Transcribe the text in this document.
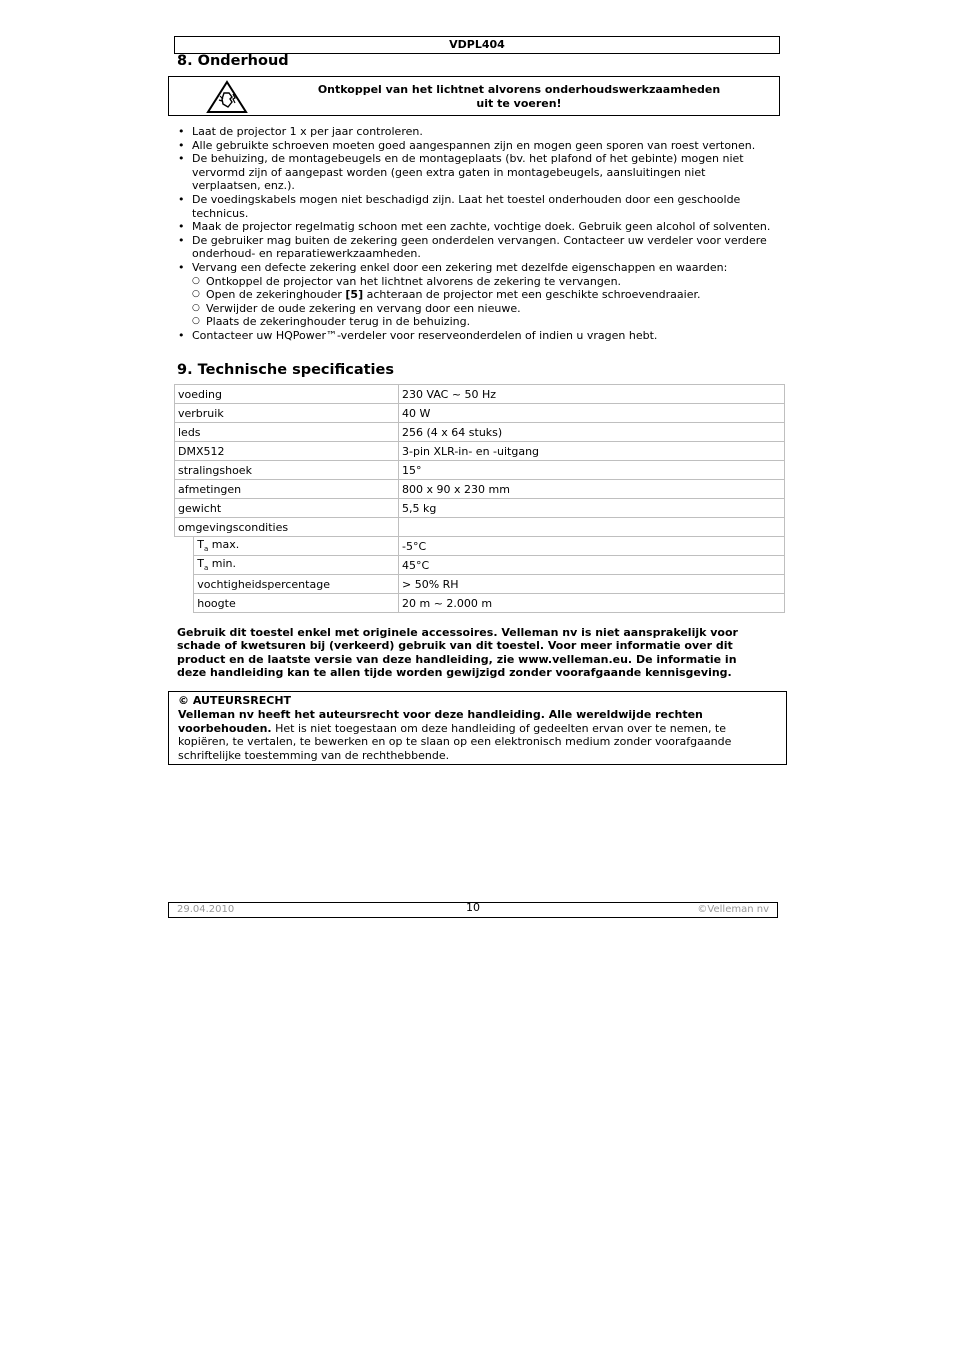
VDPL404
8. Onderhoud
Ontkoppel van het lichtnet alvorens onderhoudswerkzaamheden
uit te voeren!
• Laat de projector 1 x per jaar controleren.
• Alle gebruikte schroeven moeten goed aangespannen zijn en mogen geen sporen van roest vertonen.
• De behuizing, de montagebeugels en de montageplaats (bv. het plafond of het gebinte) mogen niet vervormd zijn of aangepast worden (geen extra gaten in montagebeugels, aansluitingen niet verplaatsen, enz.).
• De voedingskabels mogen niet beschadigd zijn. Laat het toestel onderhouden door een geschoolde technicus.
• Maak de projector regelmatig schoon met een zachte, vochtige doek. Gebruik geen alcohol of solventen.
• De gebruiker mag buiten de zekering geen onderdelen vervangen. Contacteer uw verdeler voor verdere onderhoud- en reparatiewerkzaamheden.
• Vervang een defecte zekering enkel door een zekering met dezelfde eigenschappen en waarden:
○ Ontkoppel de projector van het lichtnet alvorens de zekering te vervangen.
○ Open de zekeringhouder [5] achteraan de projector met een geschikte schroevendraaier.
○ Verwijder de oude zekering en vervang door een nieuwe.
○ Plaats de zekeringhouder terug in de behuizing.
• Contacteer uw HQPower™-verdeler voor reserveonderdelen of indien u vragen hebt.
9. Technische specificaties
voeding		230 VAC ~ 50 Hz
verbruik		40 W
leds		256 (4 x 64 stuks)
DMX512		3-pin XLR-in- en -uitgang
stralingshoek		15°
afmetingen		800 x 90 x 230 mm
gewicht		5,5 kg
omgevingscondities		
	$T_a$ max.	-5°C
	$T_a$ min.	45°C
	vochtigheidspercentage	> 50% RH
	hoogte	20 m ~ 2.000 m
Gebruik dit toestel enkel met originele accessoires. Velleman nv is niet aansprakelijk voor
schade of kwetsuren bij (verkeerd) gebruik van dit toestel. Voor meer informatie over dit
product en de laatste versie van deze handleiding, zie www.velleman.eu. De informatie in
deze handleiding kan te allen tijde worden gewijzigd zonder voorafgaande kennisgeving.
© AUTEURSRECHT
Velleman nv heeft het auteursrecht voor deze handleiding. Alle wereldwijde rechten
voorbehouden. Het is niet toegestaan om deze handleiding of gedeelten ervan over te nemen, te
kopiëren, te vertalen, te bewerken en op te slaan op een elektronisch medium zonder voorafgaande
schriftelijke toestemming van de rechthebbende.
29.04.2010	10	©Velleman nv
